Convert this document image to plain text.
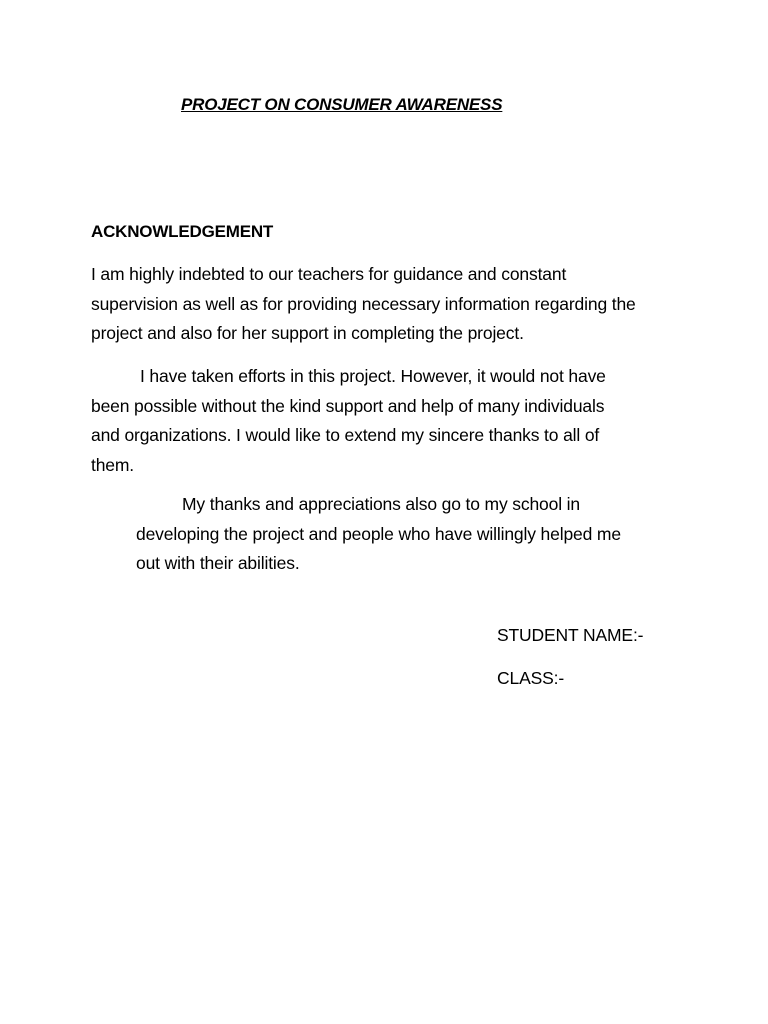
PROJECT ON CONSUMER AWARENESS
ACKNOWLEDGEMENT
I am highly indebted to our teachers for guidance and constant
supervision as well as for providing necessary information regarding the
project and also for her support in completing the project.
I have taken efforts in this project. However, it would not have
been possible without the kind support and help of many individuals
and organizations. I would like to extend my sincere thanks to all of
them.
My thanks and appreciations also go to my school in
developing the project and people who have willingly helped me
out with their abilities.
STUDENT NAME:-
CLASS:-
